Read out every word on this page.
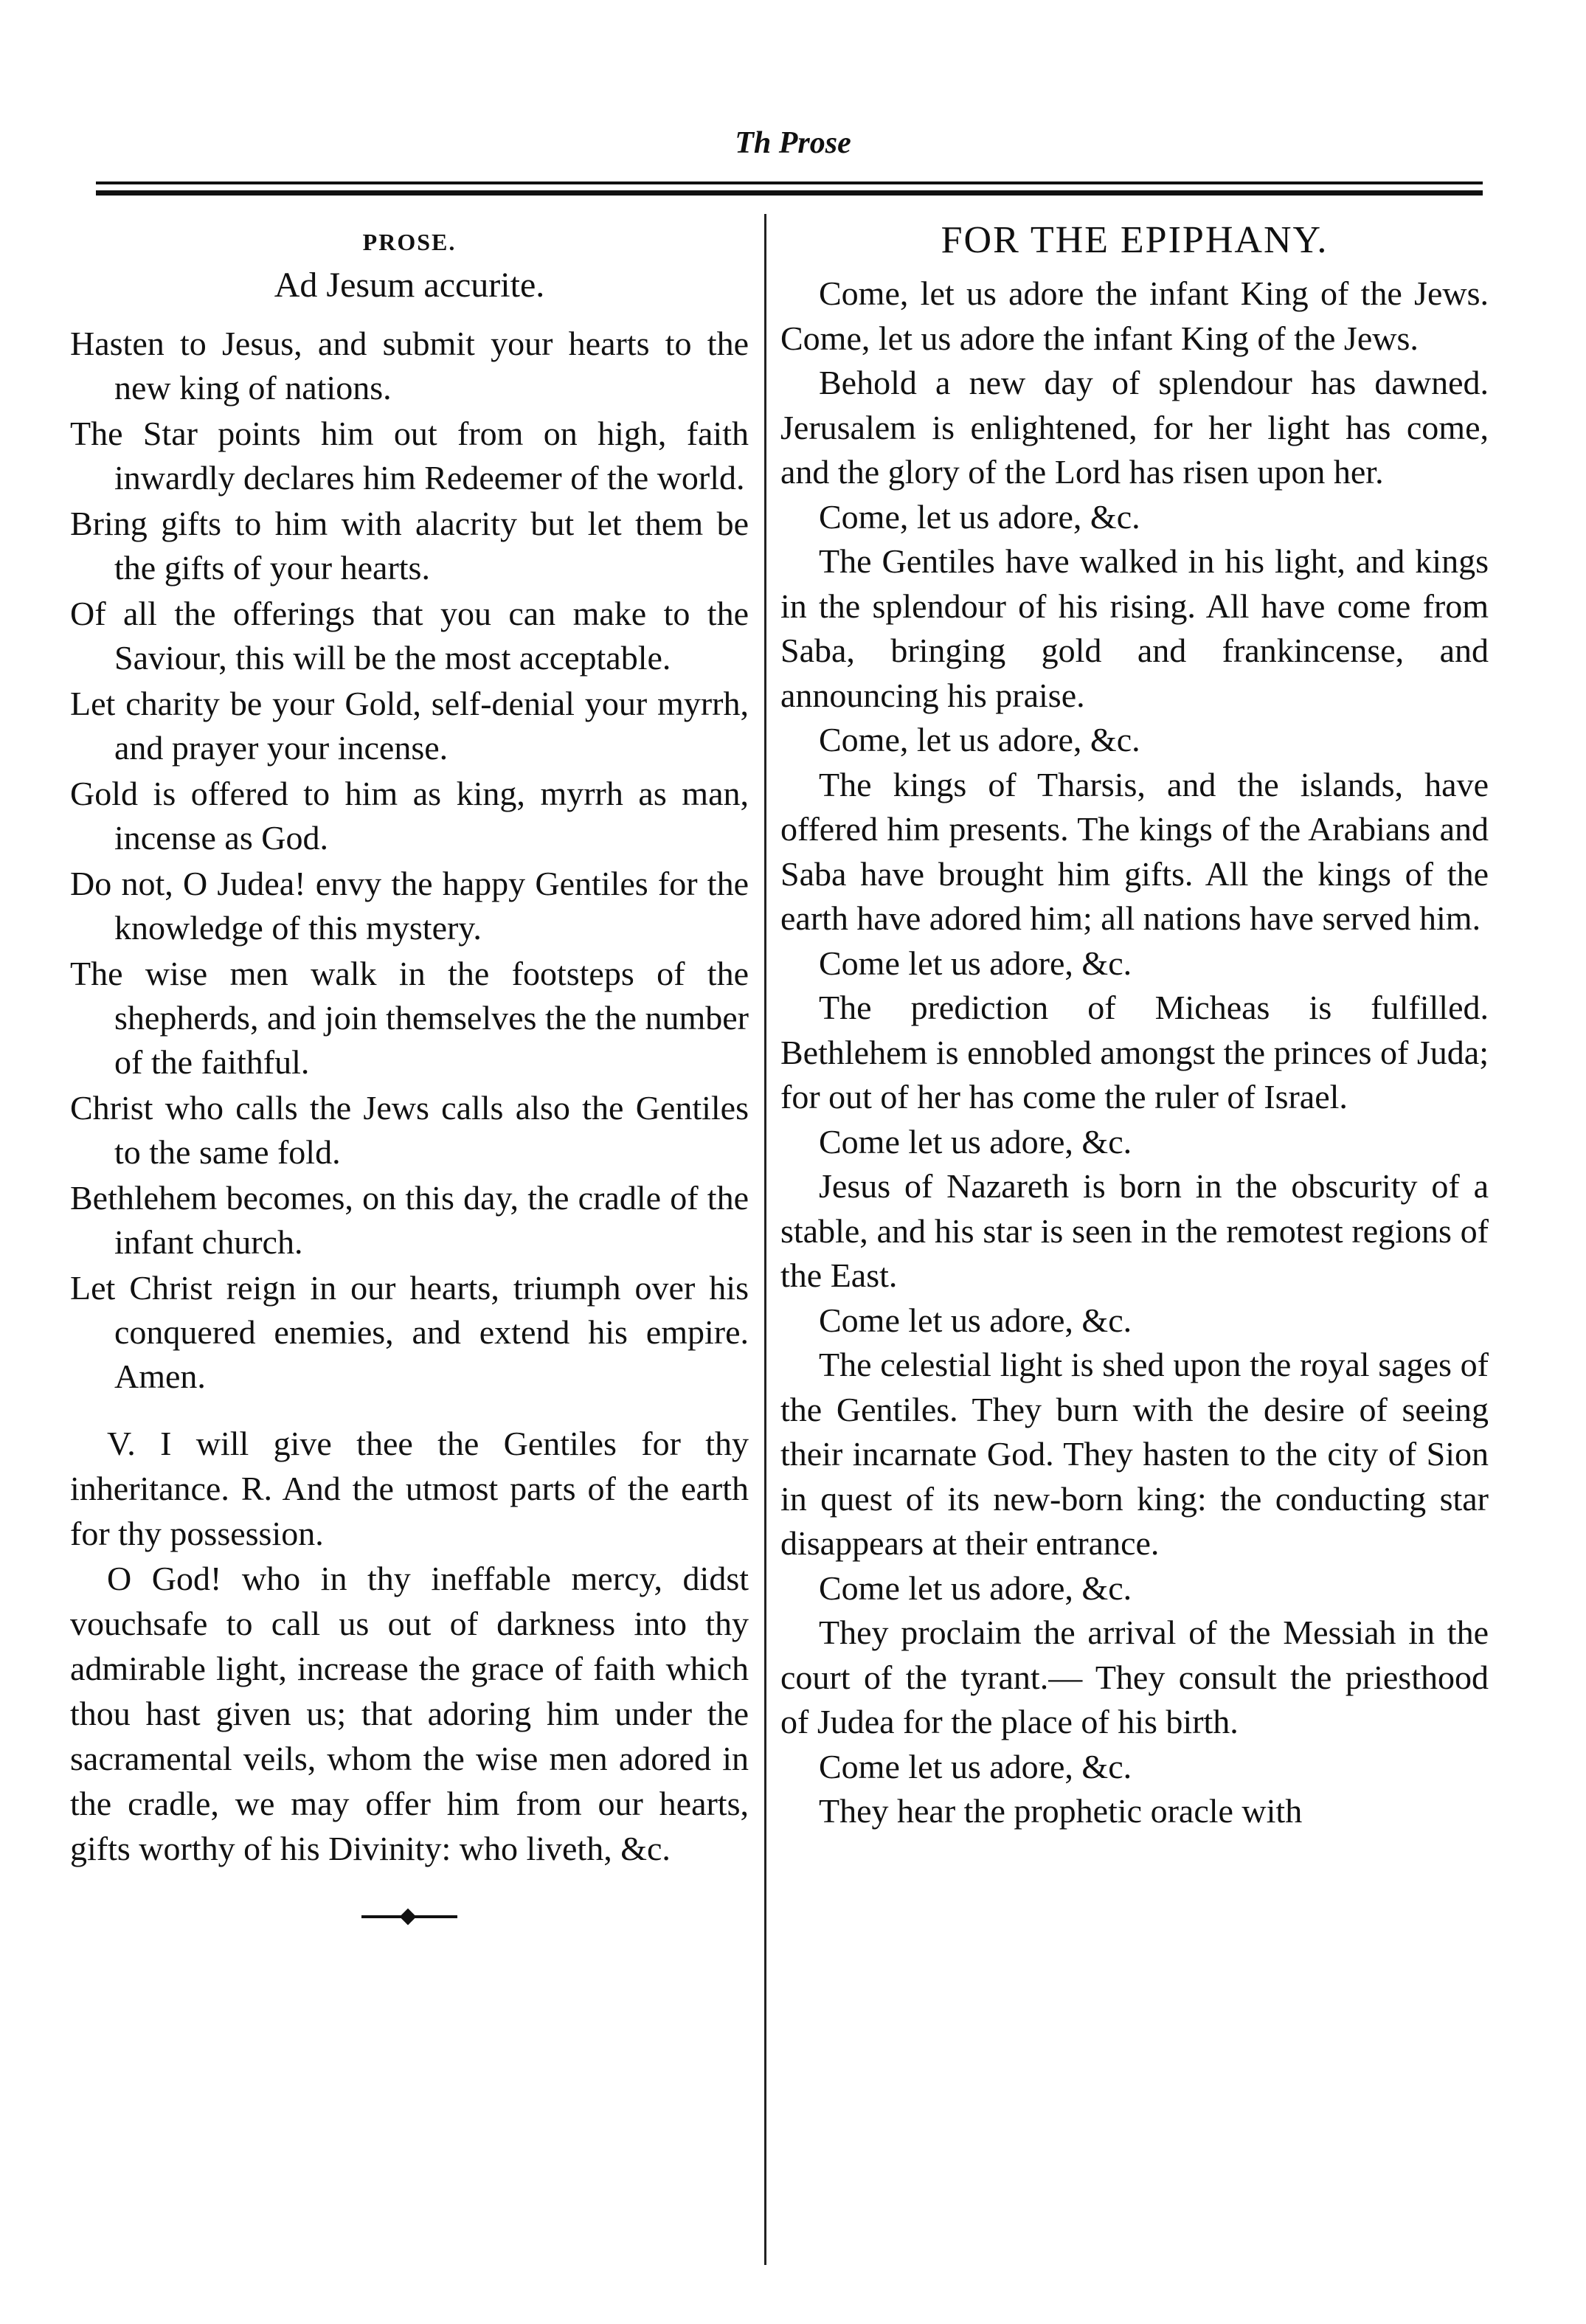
Th Prose
PROSE.
Ad Jesum accurite.
Hasten to Jesus, and submit your hearts to the new king of nations.
The Star points him out from on high, faith inwardly declares him Redeemer of the world.
Bring gifts to him with alacrity but let them be the gifts of your hearts.
Of all the offerings that you can make to the Saviour, this will be the most acceptable.
Let charity be your Gold, self-denial your myrrh, and prayer your incense.
Gold is offered to him as king, myrrh as man, incense as God.
Do not, O Judea! envy the happy Gentiles for the knowledge of this mystery.
The wise men walk in the footsteps of the shepherds, and join themselves the the number of the faithful.
Christ who calls the Jews calls also the Gentiles to the same fold.
Bethlehem becomes, on this day, the cradle of the infant church.
Let Christ reign in our hearts, triumph over his conquered enemies, and extend his empire. Amen.
V. I will give thee the Gentiles for thy inheritance. R. And the utmost parts of the earth for thy possession.
O God! who in thy ineffable mercy, didst vouchsafe to call us out of darkness into thy admirable light, increase the grace of faith which thou hast given us; that adoring him under the sacramental veils, whom the wise men adored in the cradle, we may offer him from our hearts, gifts worthy of his Divinity: who liveth, &c.
FOR THE EPIPHANY.
Come, let us adore the infant King of the Jews. Come, let us adore the infant King of the Jews.
Behold a new day of splendour has dawned. Jerusalem is enlightened, for her light has come, and the glory of the Lord has risen upon her.
Come, let us adore, &c.
The Gentiles have walked in his light, and kings in the splendour of his rising. All have come from Saba, bringing gold and frankincense, and announcing his praise.
Come, let us adore, &c.
The kings of Tharsis, and the islands, have offered him presents. The kings of the Arabians and Saba have brought him gifts. All the kings of the earth have adored him; all nations have served him.
Come let us adore, &c.
The prediction of Micheas is fulfilled. Bethlehem is ennobled amongst the princes of Juda; for out of her has come the ruler of Israel.
Come let us adore, &c.
Jesus of Nazareth is born in the obscurity of a stable, and his star is seen in the remotest regions of the East.
Come let us adore, &c.
The celestial light is shed upon the royal sages of the Gentiles. They burn with the desire of seeing their incarnate God. They hasten to the city of Sion in quest of its new-born king: the conducting star disappears at their entrance.
Come let us adore, &c.
They proclaim the arrival of the Messiah in the court of the tyrant.— They consult the priesthood of Judea for the place of his birth.
Come let us adore, &c.
They hear the prophetic oracle with
